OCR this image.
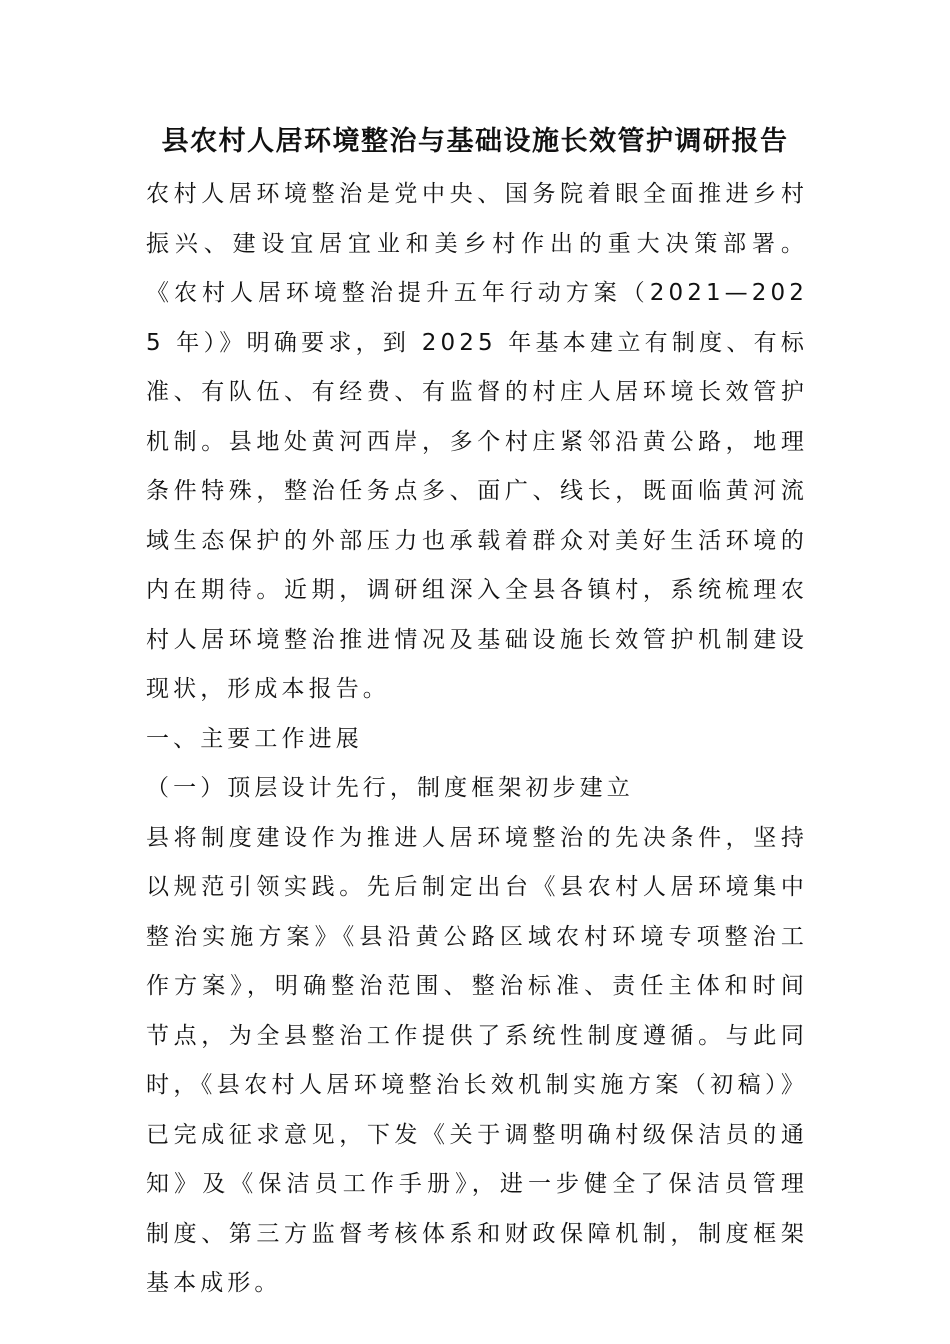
县农村人居环境整治与基础设施长效管护调研报告

农村人居环境整治是党中央、国务院着眼全面推进乡村振兴、建设宜居宜业和美乡村作出的重大决策部署。《农村人居环境整治提升五年行动方案（2021—2025 年）》明确要求，到 2025 年基本建立有制度、有标准、有队伍、有经费、有监督的村庄人居环境长效管护机制。县地处黄河西岸，多个村庄紧邻沿黄公路，地理条件特殊，整治任务点多、面广、线长，既面临黄河流域生态保护的外部压力也承载着群众对美好生活环境的内在期待。近期，调研组深入全县各镇村，系统梳理农村人居环境整治推进情况及基础设施长效管护机制建设现状，形成本报告。

一、主要工作进展

（一）顶层设计先行，制度框架初步建立

县将制度建设作为推进人居环境整治的先决条件，坚持以规范引领实践。先后制定出台《县农村人居环境集中整治实施方案》《县沿黄公路区域农村环境专项整治工作方案》，明确整治范围、整治标准、责任主体和时间节点，为全县整治工作提供了系统性制度遵循。与此同时，《县农村人居环境整治长效机制实施方案（初稿）》已完成征求意见，下发《关于调整明确村级保洁员的通知》及《保洁员工作手册》，进一步健全了保洁员管理制度、第三方监督考核体系和财政保障机制，制度框架基本成形。
